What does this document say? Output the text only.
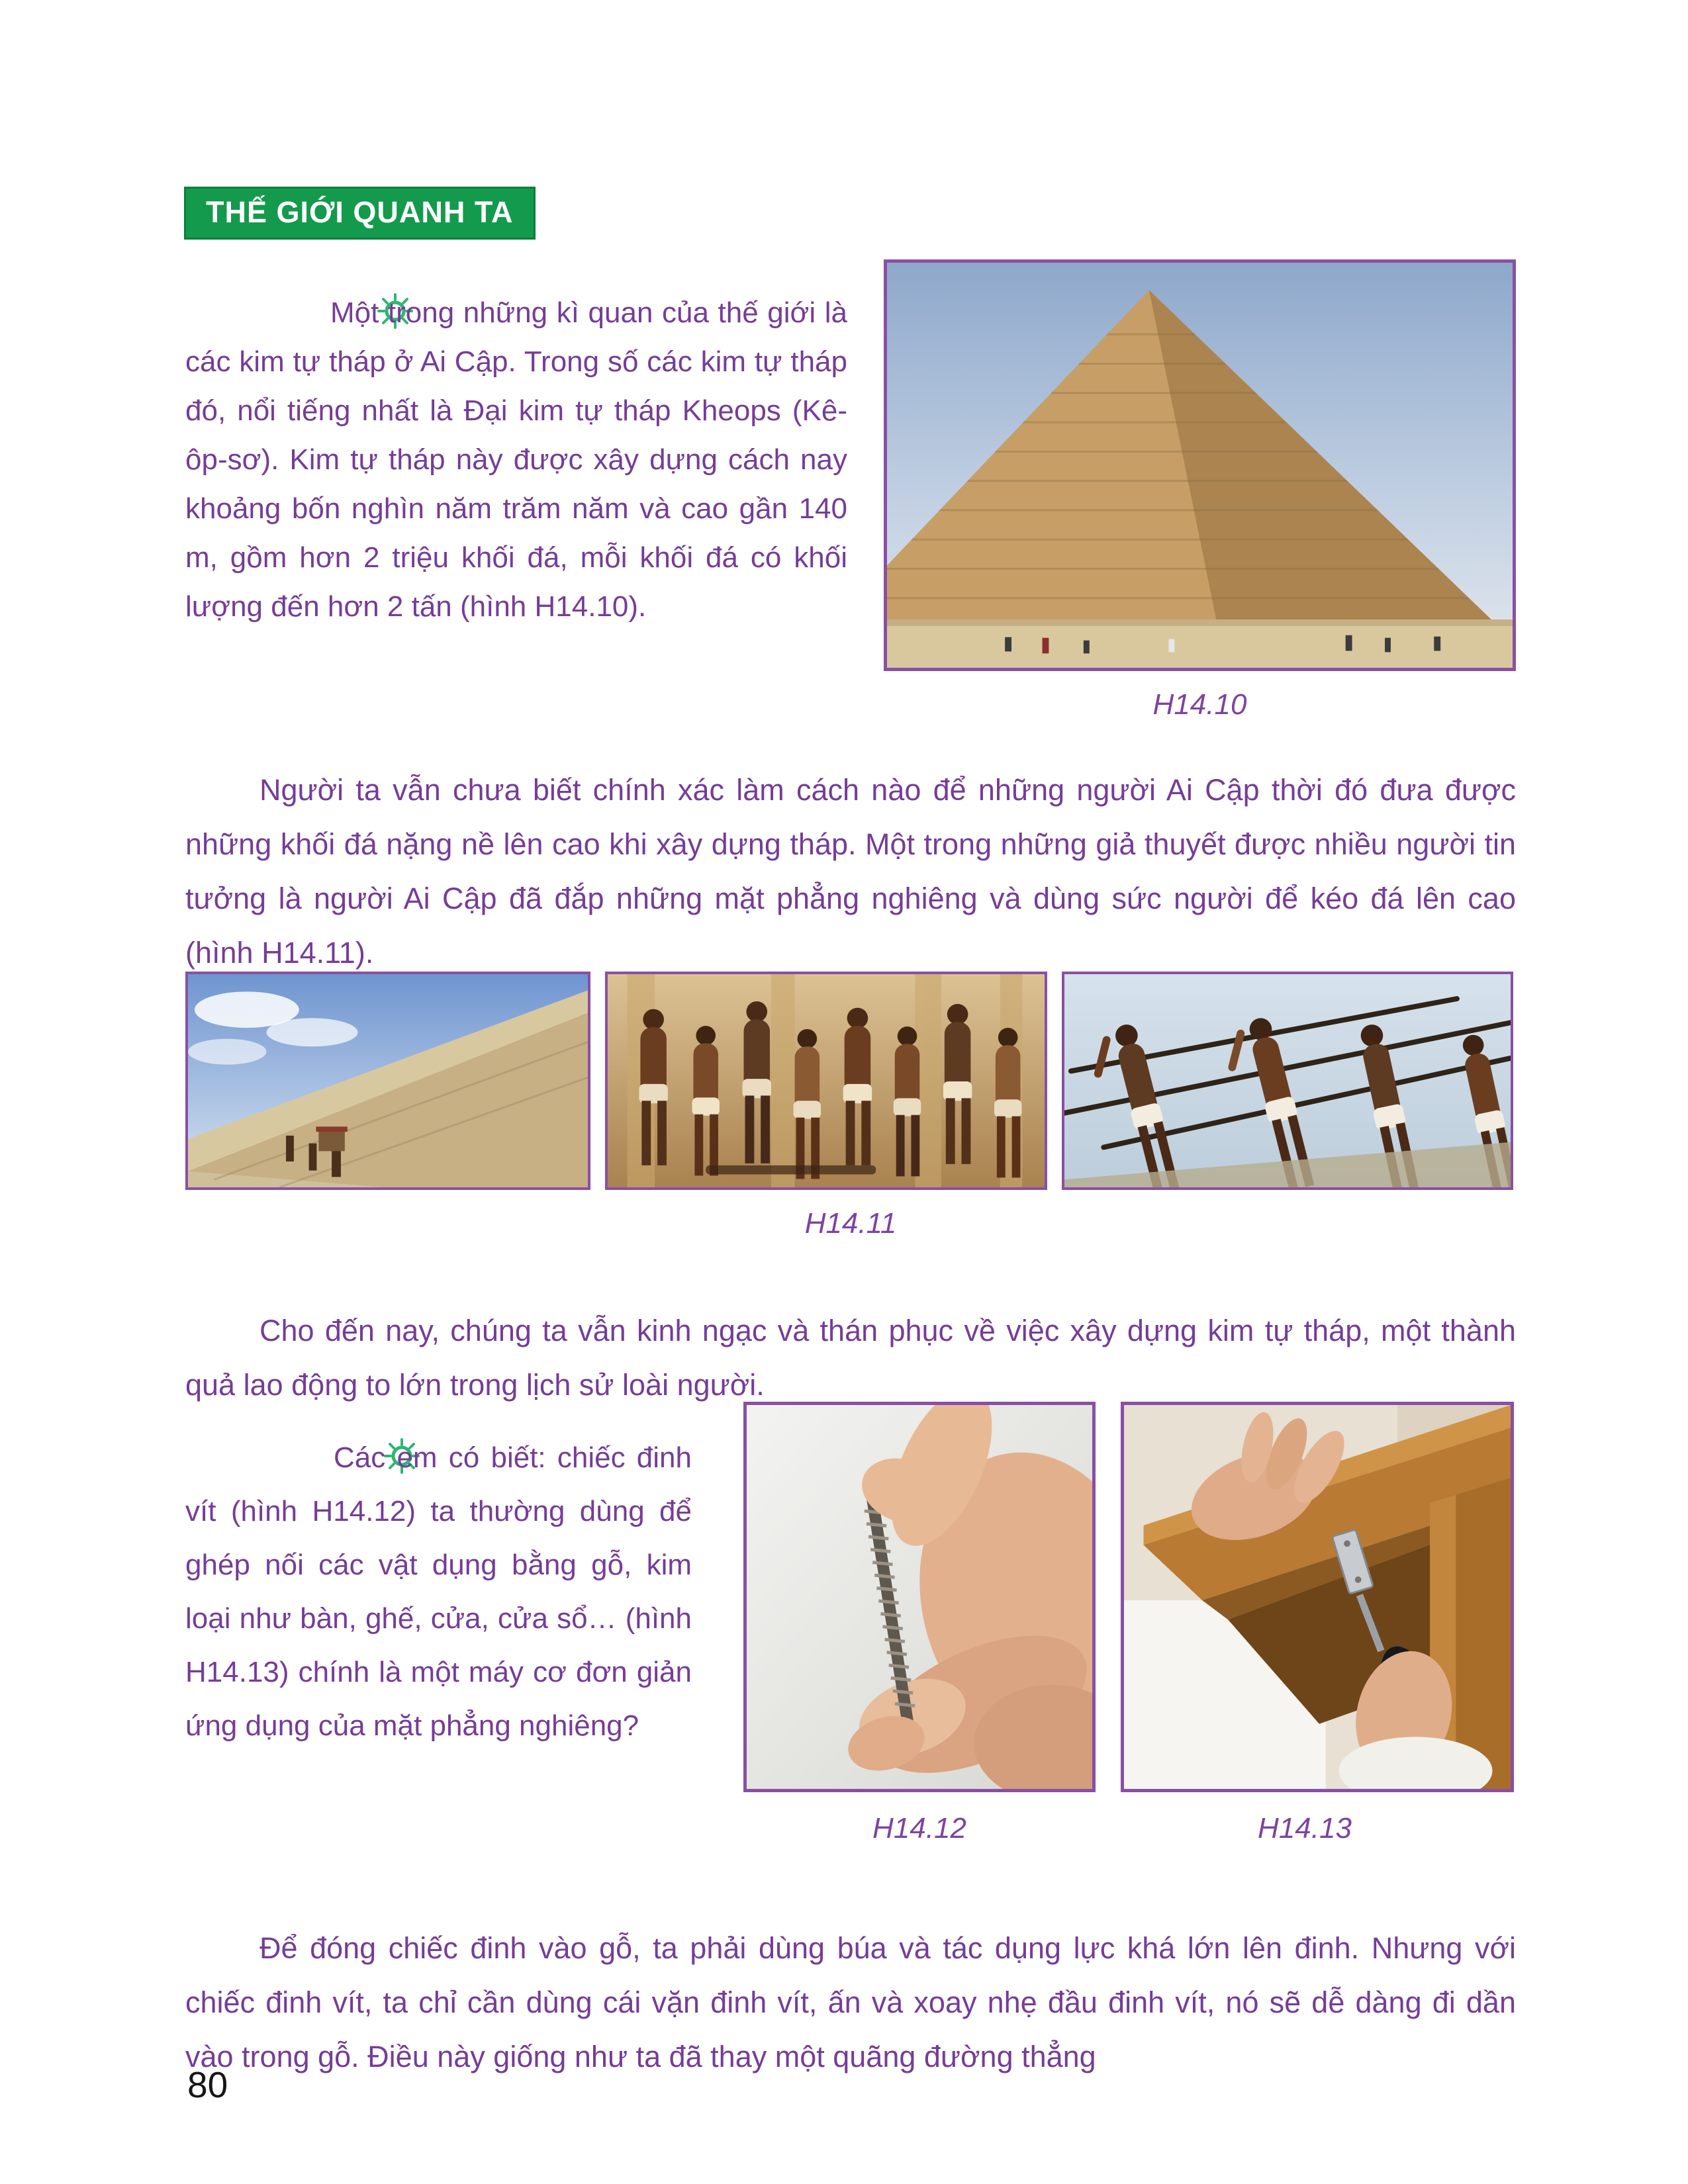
THẾ GIỚI QUANH TA

Một trong những kì quan của thế giới là các kim tự tháp ở Ai Cập. Trong số các kim tự tháp đó, nổi tiếng nhất là Đại kim tự tháp Kheops (Kê-ôp-sơ). Kim tự tháp này được xây dựng cách nay khoảng bốn nghìn năm trăm năm và cao gần 140 m, gồm hơn 2 triệu khối đá, mỗi khối đá có khối lượng đến hơn 2 tấn (hình H14.10).

H14.10

Người ta vẫn chưa biết chính xác làm cách nào để những người Ai Cập thời đó đưa được những khối đá nặng nề lên cao khi xây dựng tháp. Một trong những giả thuyết được nhiều người tin tưởng là người Ai Cập đã đắp những mặt phẳng nghiêng và dùng sức người để kéo đá lên cao (hình H14.11).

H14.11

Cho đến nay, chúng ta vẫn kinh ngạc và thán phục về việc xây dựng kim tự tháp, một thành quả lao động to lớn trong lịch sử loài người.

Các em có biết: chiếc đinh vít (hình H14.12) ta thường dùng để ghép nối các vật dụng bằng gỗ, kim loại như bàn, ghế, cửa, cửa sổ… (hình H14.13) chính là một máy cơ đơn giản ứng dụng của mặt phẳng nghiêng?

H14.12	H14.13

Để đóng chiếc đinh vào gỗ, ta phải dùng búa và tác dụng lực khá lớn lên đinh. Nhưng với chiếc đinh vít, ta chỉ cần dùng cái vặn đinh vít, ấn và xoay nhẹ đầu đinh vít, nó sẽ dễ dàng đi dần vào trong gỗ. Điều này giống như ta đã thay một quãng đường thẳng

80
